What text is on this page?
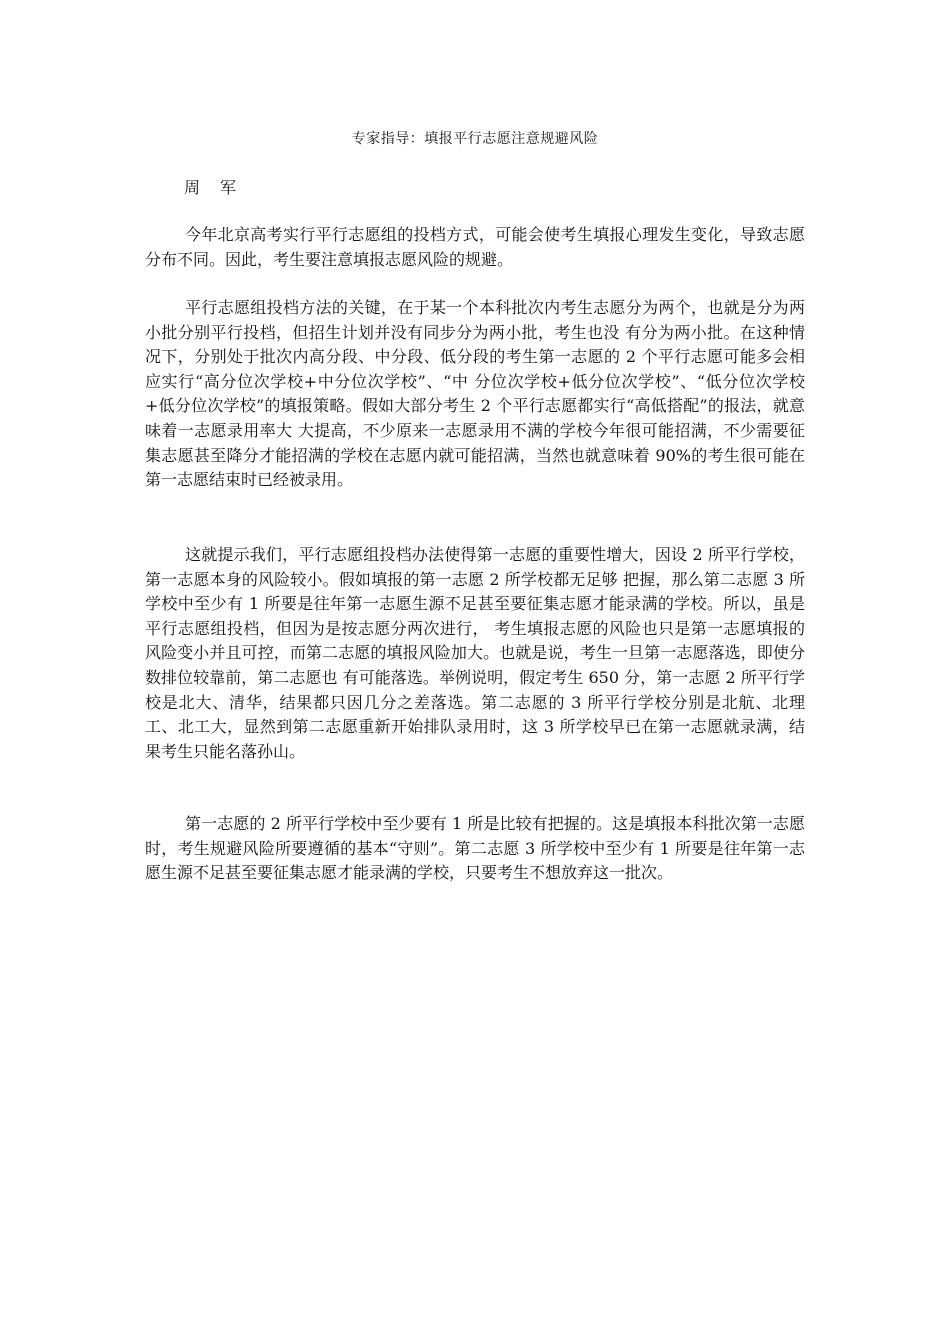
专家指导：填报平行志愿注意规避风险
周军

今年北京高考实行平行志愿组的投档方式，可能会使考生填报心理发生变化，导致志愿分布不同。因此，考生要注意填报志愿风险的规避。

平行志愿组投档方法的关键，在于某一个本科批次内考生志愿分为两个，也就是分为两小批分别平行投档，但招生计划并没有同步分为两小批，考生也没 有分为两小批。在这种情况下，分别处于批次内高分段、中分段、低分段的考生第一志愿的 2 个平行志愿可能多会相应实行“高分位次学校+中分位次学校”、“中 分位次学校+低分位次学校”、“低分位次学校+低分位次学校”的填报策略。假如大部分考生 2 个平行志愿都实行“高低搭配”的报法，就意味着一志愿录用率大 大提高，不少原来一志愿录用不满的学校今年很可能招满，不少需要征集志愿甚至降分才能招满的学校在志愿内就可能招满，当然也就意味着 90%的考生很可能在 第一志愿结束时已经被录用。

这就提示我们，平行志愿组投档办法使得第一志愿的重要性增大，因设 2 所平行学校，第一志愿本身的风险较小。假如填报的第一志愿 2 所学校都无足够 把握，那么第二志愿 3 所学校中至少有 1 所要是往年第一志愿生源不足甚至要征集志愿才能录满的学校。所以，虽是平行志愿组投档，但因为是按志愿分两次进行， 考生填报志愿的风险也只是第一志愿填报的风险变小并且可控，而第二志愿的填报风险加大。也就是说，考生一旦第一志愿落选，即使分数排位较靠前，第二志愿也 有可能落选。举例说明，假定考生 650 分，第一志愿 2 所平行学校是北大、清华，结果都只因几分之差落选。第二志愿的 3 所平行学校分别是北航、北理工、北工大，显然到第二志愿重新开始排队录用时，这 3 所学校早已在第一志愿就录满，结果考生只能名落孙山。

第一志愿的 2 所平行学校中至少要有 1 所是比较有把握的。这是填报本科批次第一志愿时，考生规避风险所要遵循的基本“守则”。第二志愿 3 所学校中至少有 1 所要是往年第一志愿生源不足甚至要征集志愿才能录满的学校，只要考生不想放弃这一批次。
